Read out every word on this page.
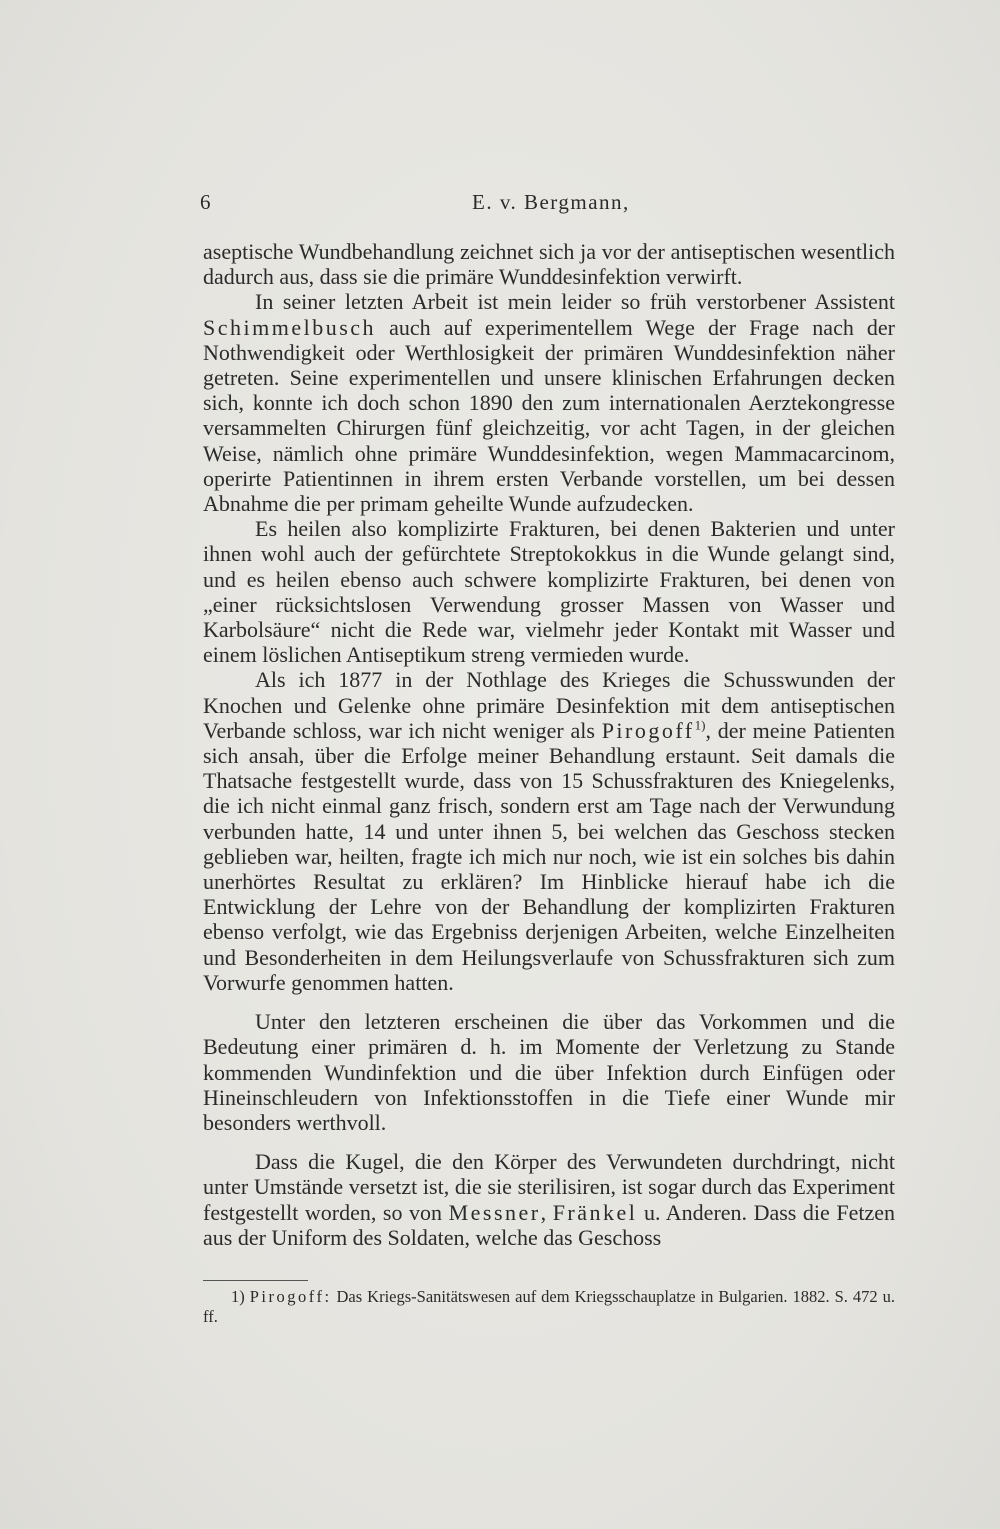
6	E. v. Bergmann,

aseptische Wundbehandlung zeichnet sich ja vor der antiseptischen wesentlich dadurch aus, dass sie die primäre Wunddesinfektion verwirft.

In seiner letzten Arbeit ist mein leider so früh verstorbener Assistent Schimmelbusch auch auf experimentellem Wege der Frage nach der Nothwendigkeit oder Werthlosigkeit der primären Wunddesinfektion näher getreten. Seine experimentellen und unsere klinischen Erfahrungen decken sich, konnte ich doch schon 1890 den zum internationalen Aerztekongresse versammelten Chirurgen fünf gleichzeitig, vor acht Tagen, in der gleichen Weise, nämlich ohne primäre Wunddesinfektion, wegen Mammacarcinom, operirte Patientinnen in ihrem ersten Verbande vorstellen, um bei dessen Abnahme die per primam geheilte Wunde aufzudecken.

Es heilen also komplizirte Frakturen, bei denen Bakterien und unter ihnen wohl auch der gefürchtete Streptokokkus in die Wunde gelangt sind, und es heilen ebenso auch schwere komplizirte Frakturen, bei denen von „einer rücksichtslosen Verwendung grosser Massen von Wasser und Karbolsäure“ nicht die Rede war, vielmehr jeder Kontakt mit Wasser und einem löslichen Antiseptikum streng vermieden wurde.

Als ich 1877 in der Nothlage des Krieges die Schusswunden der Knochen und Gelenke ohne primäre Desinfektion mit dem antiseptischen Verbande schloss, war ich nicht weniger als Pirogoff$^{1)}$, der meine Patienten sich ansah, über die Erfolge meiner Behandlung erstaunt. Seit damals die Thatsache festgestellt wurde, dass von 15 Schussfrakturen des Kniegelenks, die ich nicht einmal ganz frisch, sondern erst am Tage nach der Verwundung verbunden hatte, 14 und unter ihnen 5, bei welchen das Geschoss stecken geblieben war, heilten, fragte ich mich nur noch, wie ist ein solches bis dahin unerhörtes Resultat zu erklären? Im Hinblicke hierauf habe ich die Entwicklung der Lehre von der Behandlung der komplizirten Frakturen ebenso verfolgt, wie das Ergebniss derjenigen Arbeiten, welche Einzelheiten und Besonderheiten in dem Heilungsverlaufe von Schussfrakturen sich zum Vorwurfe genommen hatten.

Unter den letzteren erscheinen die über das Vorkommen und die Bedeutung einer primären d. h. im Momente der Verletzung zu Stande kommenden Wundinfektion und die über Infektion durch Einfügen oder Hineinschleudern von Infektionsstoffen in die Tiefe einer Wunde mir besonders werthvoll.

Dass die Kugel, die den Körper des Verwundeten durchdringt, nicht unter Umstände versetzt ist, die sie sterilisiren, ist sogar durch das Experiment festgestellt worden, so von Messner, Fränkel u. Anderen. Dass die Fetzen aus der Uniform des Soldaten, welche das Geschoss

1) Pirogoff: Das Kriegs-Sanitätswesen auf dem Kriegsschauplatze in Bulgarien. 1882. S. 472 u. ff.
